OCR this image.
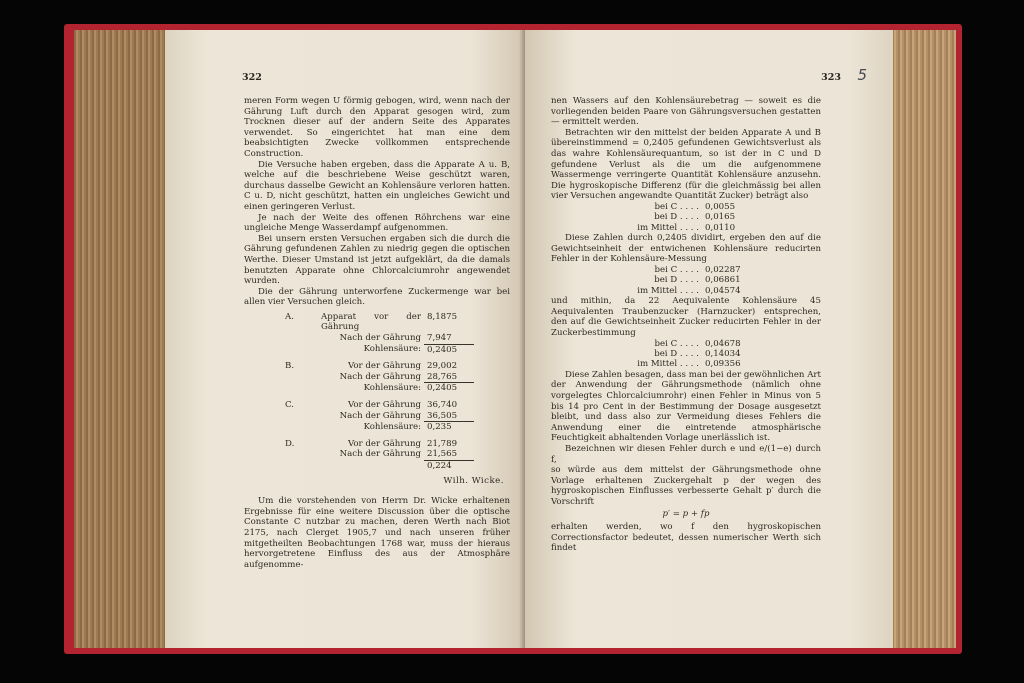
322

meren Form wegen U förmig gebogen, wird, wenn nach der Gährung Luft durch den Apparat gesogen wird, zum Trocknen dieser auf der andern Seite des Apparates verwendet. So eingerichtet hat man eine dem beabsichtigten Zwecke vollkommen entsprechende Construction.

Die Versuche haben ergeben, dass die Apparate A u. B, welche auf die beschriebene Weise geschützt waren, durchaus dasselbe Gewicht an Kohlensäure verloren hatten. C u. D, nicht geschützt, hatten ein ungleiches Gewicht und einen geringeren Verlust.

Je nach der Weite des offenen Röhrchens war eine ungleiche Menge Wasserdampf aufgenommen.

Bei unsern ersten Versuchen ergaben sich die durch die Gährung gefundenen Zahlen zu niedrig gegen die optischen Werthe. Dieser Umstand ist jetzt aufgeklärt, da die damals benutzten Apparate ohne Chlorcalciumrohr angewendet wurden.

Die der Gährung unterworfene Zuckermenge war bei allen vier Versuchen gleich.

A.	Apparat vor der Gährung	8,1875
	Nach der Gährung	7,947
	Kohlensäure:	0,2405

B.	Vor der Gährung	29,002
	Nach der Gährung	28,765
	Kohlensäure:	0,2405

C.	Vor der Gährung	36,740
	Nach der Gährung	36,505
	Kohlensäure:	0,235

D.	Vor der Gährung	21,789
	Nach der Gährung	21,565
		0,224

Wilh. Wicke.

Um die vorstehenden von Herrn Dr. Wicke erhaltenen Ergebnisse für eine weitere Discussion über die optische Constante C nutzbar zu machen, deren Werth nach Biot 2175, nach Clerget 1905,7 und nach unseren früher mitgetheilten Beobachtungen 1768 war, muss der hieraus hervorgetretene Einfluss des aus der Atmosphäre aufgenomme-

323 5

nen Wassers auf den Kohlensäurebetrag — soweit es die vorliegenden beiden Paare von Gährungsversuchen gestatten — ermittelt werden.

Betrachten wir den mittelst der beiden Apparate A und B übereinstimmend = 0,2405 gefundenen Gewichtsverlust als das wahre Kohlensäurequantum, so ist der in C und D gefundene Verlust als die um die aufgenommene Wassermenge verringerte Quantität Kohlensäure anzusehn. Die hygroskopische Differenz (für die gleichmässig bei allen vier Versuchen angewandte Quantität Zucker) beträgt also

bei C . . . . 0,0055
bei D . . . . 0,0165
im Mittel . . . . 0,0110

Diese Zahlen durch 0,2405 dividirt, ergeben den auf die Gewichtseinheit der entwichenen Kohlensäure reducirten Fehler in der Kohlensäure-Messung

bei C . . . . 0,02287
bei D . . . . 0,06861
im Mittel . . . . 0,04574

und mithin, da 22 Aequivalente Kohlensäure 45 Aequivalenten Traubenzucker (Harnzucker) entsprechen, den auf die Gewichtseinheit Zucker reducirten Fehler in der Zuckerbestimmung

bei C . . . . 0,04678
bei D . . . . 0,14034
im Mittel . . . . 0,09356

Diese Zahlen besagen, dass man bei der gewöhnlichen Art der Anwendung der Gährungsmethode (nämlich ohne vorgelegtes Chlorcalciumrohr) einen Fehler in Minus von 5 bis 14 pro Cent in der Bestimmung der Dosage ausgesetzt bleibt, und dass also zur Vermeidung dieses Fehlers die Anwendung einer die eintretende atmosphärische Feuchtigkeit abhaltenden Vorlage unerlässlich ist.

Bezeichnen wir diesen Fehler durch e und e/(1−e) durch f,

so würde aus dem mittelst der Gährungsmethode ohne Vorlage erhaltenen Zuckergehalt p der wegen des hygroskopischen Einflusses verbesserte Gehalt p′ durch die Vorschrift

p′ = p + fp

erhalten werden, wo f den hygroskopischen Correctionsfactor bedeutet, dessen numerischer Werth sich findet
